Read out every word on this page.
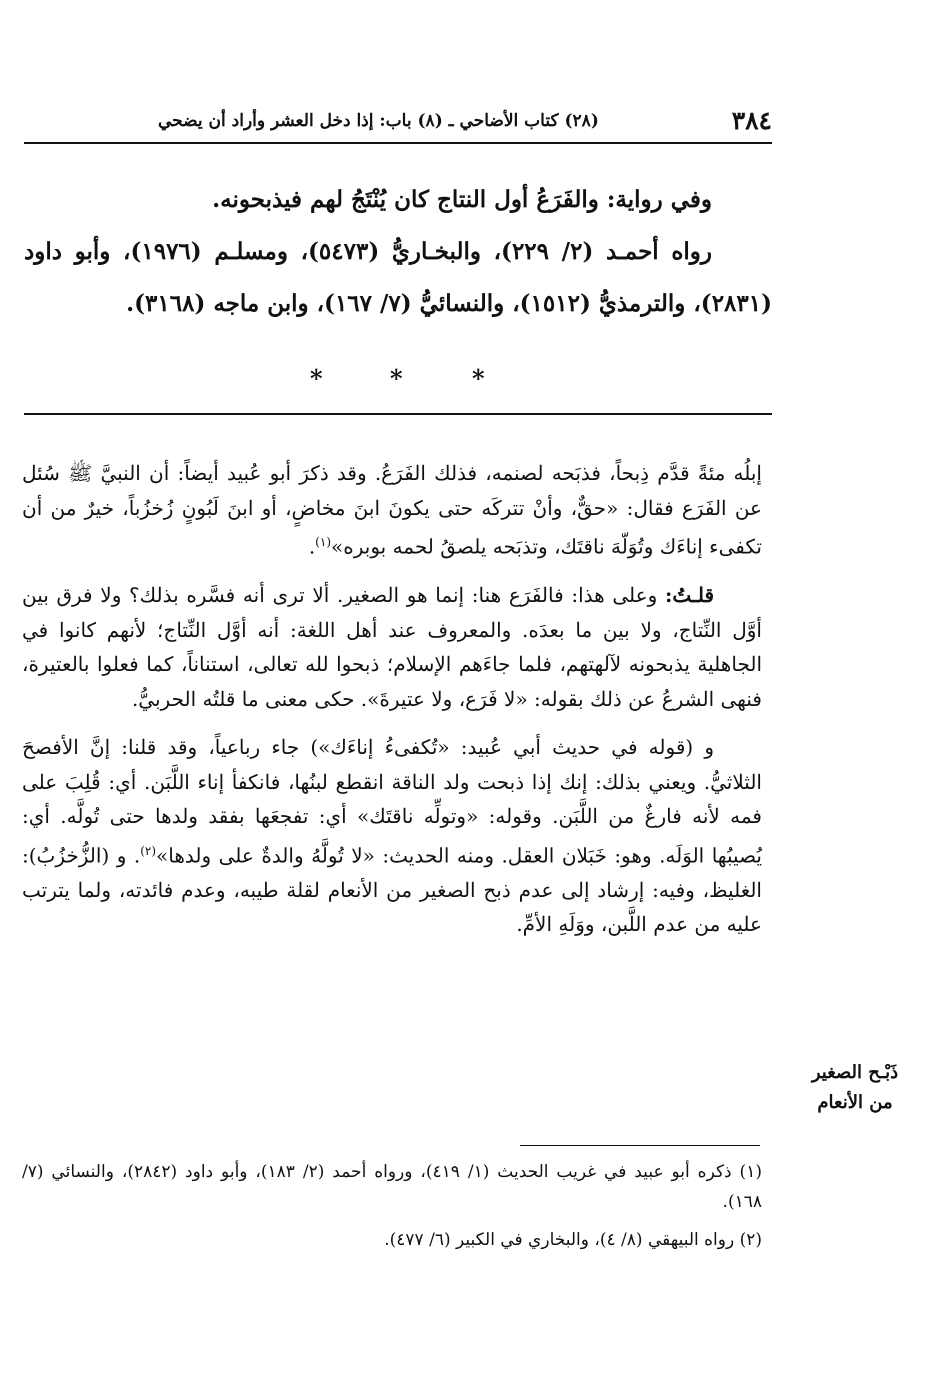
٣٨٤
(٢٨) كتاب الأضاحي ـ (٨) باب: إذا دخل العشر وأراد أن يضحي

وفي رواية: والفَرَعُ أول النتاج كان يُنْتَجُ لهم فيذبحونه.

رواه أحمـد (٢/ ٢٢٩)، والبخـاريُّ (٥٤٧٣)، ومسلـم (١٩٧٦)، وأبو داود (٢٨٣١)، والترمذيُّ (١٥١٢)، والنسائيُّ (٧/ ١٦٧)، وابن ماجه (٣١٦٨).

*	*	*

إبلُه مئةً قدَّم ذِبحاً، فذبَحه لصنمه، فذلك الفَرَعُ. وقد ذكرَ أبو عُبيد أيضاً: أن النبيَّ ﷺ سُئل عن الفَرَع فقال: «حقٌّ، وأنْ تتركَه حتى يكونَ ابنَ مخاضٍ، أو ابنَ لَبُونٍ زُخزُباً، خيرٌ من أن تكفىء إناءَك وتُوَلّهَ ناقتَك، وتذبَحه يلصقُ لحمه بوبره»$^{(١)}$.

قلـتُ: وعلى هذا: فالفَرَع هنا: إنما هو الصغير. ألا ترى أنه فسَّره بذلك؟ ولا فرق بين أوَّل النِّتاج، ولا بين ما بعدَه. والمعروف عند أهل اللغة: أنه أوَّل النِّتاج؛ لأنهم كانوا في الجاهلية يذبحونه لآلهتهم، فلما جاءَهم الإسلام؛ ذبحوا لله تعالى، استناناً، كما فعلوا بالعتيرة، فنهى الشرعُ عن ذلك بقوله: «لا فَرَع، ولا عتيرةَ». حكى معنى ما قلتُه الحربيُّ.

و (قوله في حديث أبي عُبيد: «تُكفىءُ إناءَك») جاء رباعياً، وقد قلنا: إنَّ الأفصحَ الثلاثيُّ. ويعني بذلك: إنك إذا ذبحت ولد الناقة انقطع لبنُها، فانكفأ إناء اللَّبَن. أي: قُلِبَ على فمه لأنه فارغٌ من اللَّبَن. وقوله: «وتولِّه ناقتَك» أي: تفجعَها بفقد ولدها حتى تُولَّه. أي: يُصيبُها الوَلَه. وهو: خَبَلان العقل. ومنه الحديث: «لا تُولَّهُ والدةٌ على ولدها»$^{(٢)}$. و (الزُّخزُبُ): الغليظ، وفيه: إرشاد إلى عدم ذبح الصغير من الأنعام لقلة طيبه، وعدم فائدته، ولما يترتب عليه من عدم اللَّبن، ووَلَهِ الأمِّ.

ذَبْـح الصغير
من الأنعام

(١) ذكره أبو عبيد في غريب الحديث (١/ ٤١٩)، ورواه أحمد (٢/ ١٨٣)، وأبو داود (٢٨٤٢)، والنسائي (٧/ ١٦٨).

(٢) رواه البيهقي (٨/ ٤)، والبخاري في الكبير (٦/ ٤٧٧).
